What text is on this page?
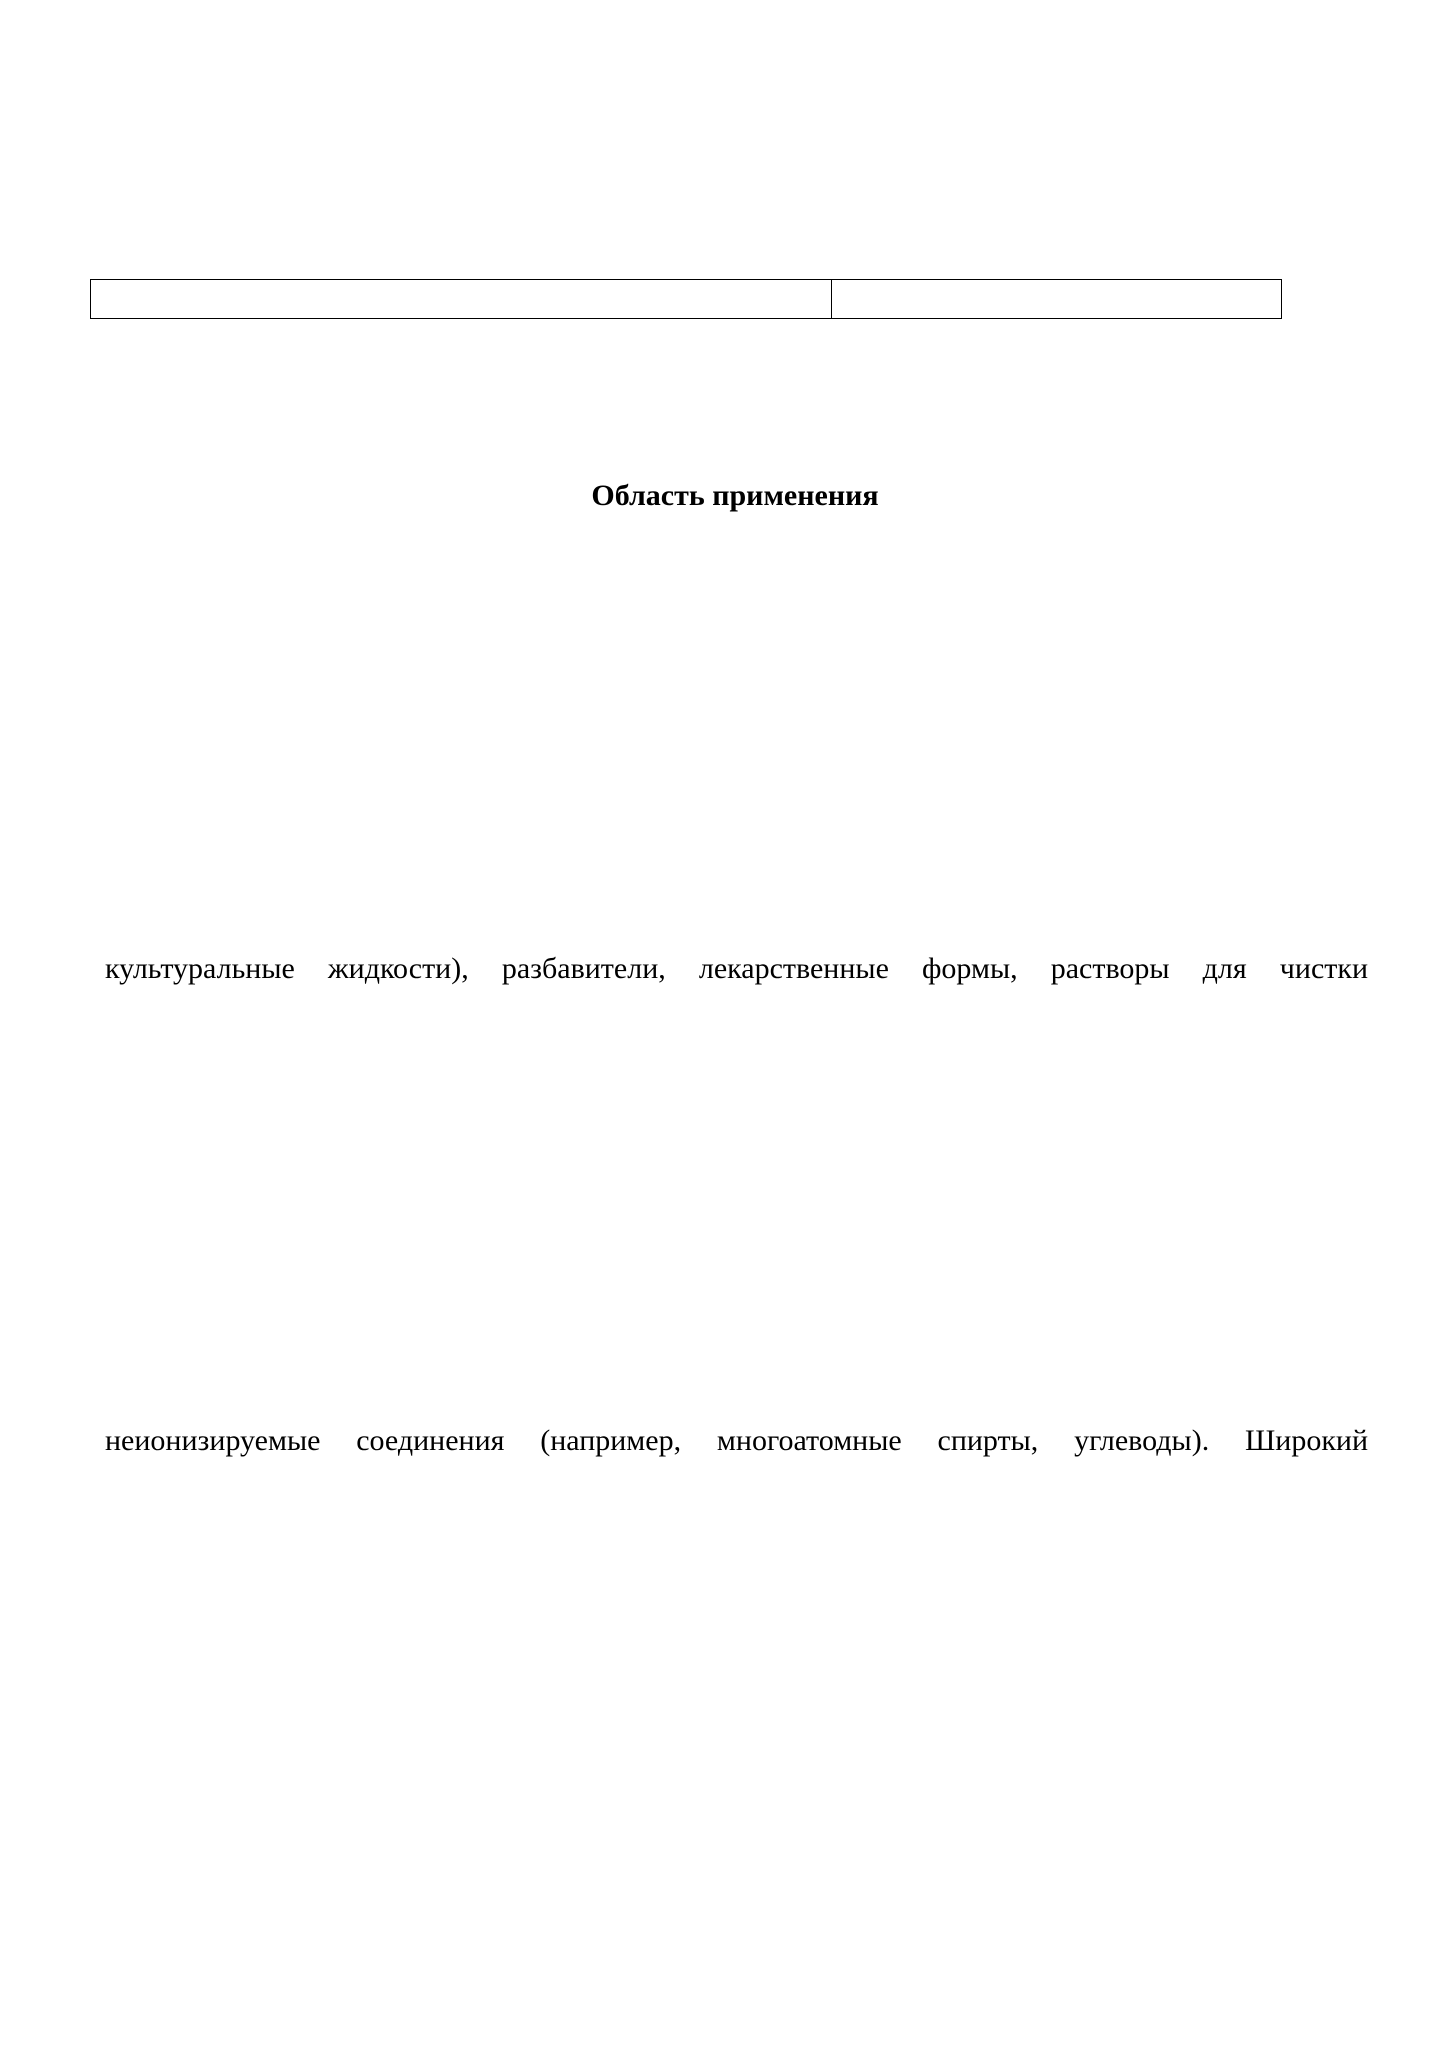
Область применения
культуральные жидкости), разбавители, лекарственные формы, растворы для чистки
неионизируемые соединения (например, многоатомные спирты, углеводы). Широкий
